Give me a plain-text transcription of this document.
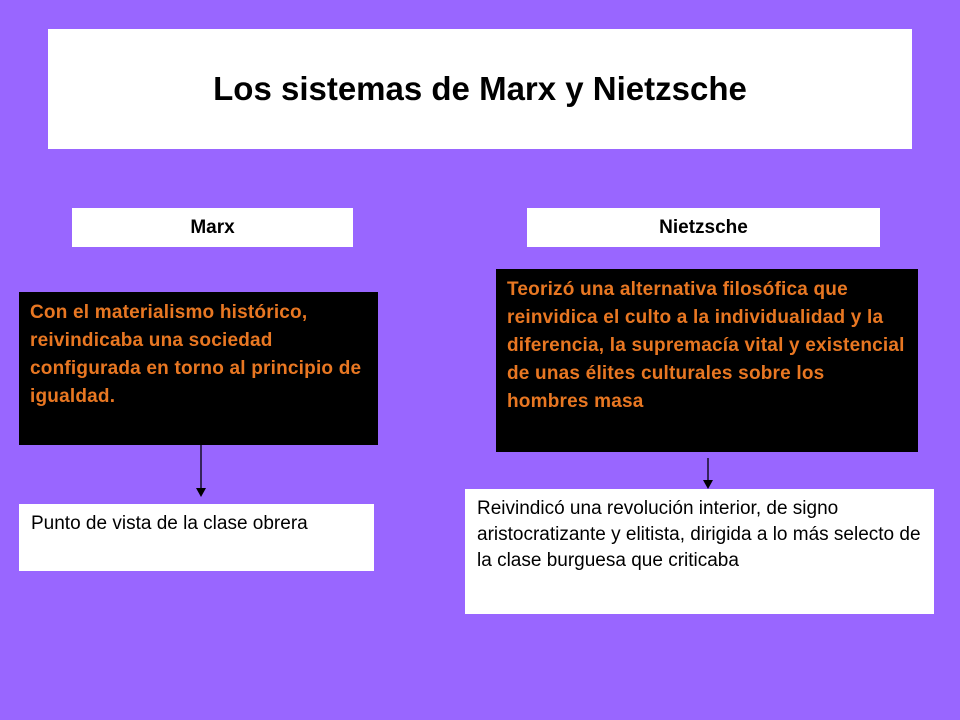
Los sistemas de Marx y Nietzsche
Marx	Nietzsche
Con el materialismo histórico, reivindicaba una sociedad configurada en torno al principio de igualdad.
Teorizó una alternativa filosófica que reinvidica el culto a la individualidad y la diferencia, la supremacía vital y existencial de unas élites culturales sobre los hombres masa
Punto de vista de la clase obrera
Reivindicó una revolución interior, de signo aristocratizante y elitista, dirigida a lo más selecto de la clase burguesa que criticaba
